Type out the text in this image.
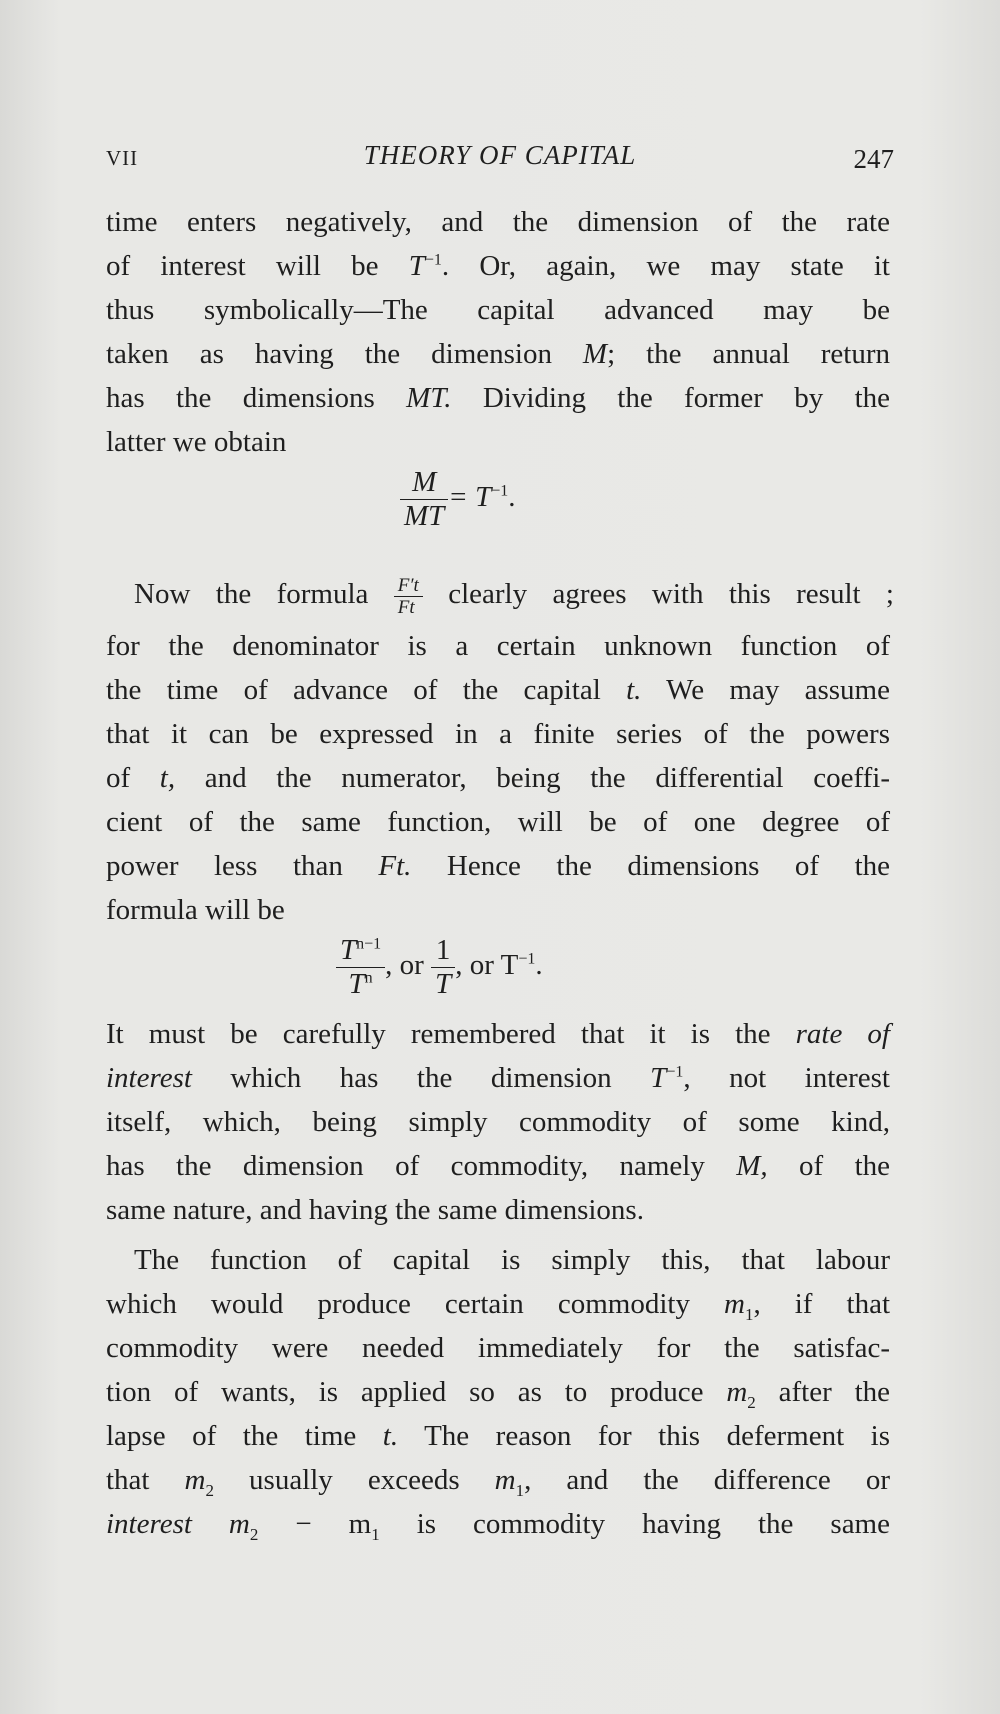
VII	THEORY OF CAPITAL	247
time enters negatively, and the dimension of the rate
of interest will be $T^{-1}$. Or, again, we may state it
thus symbolically—The capital advanced may be
taken as having the dimension M; the annual return
has the dimensions MT. Dividing the former by the
latter we obtain
$\frac{M}{MT} = T^{-1}$.
Now the formula $\frac{F't}{Ft}$ clearly agrees with this result ;
for the denominator is a certain unknown function of
the time of advance of the capital t. We may assume
that it can be expressed in a finite series of the powers
of t, and the numerator, being the differential coeffi-
cient of the same function, will be of one degree of
power less than Ft. Hence the dimensions of the
formula will be
$\frac{T^{n-1}}{T^n}$ , or $\frac{1}{T}$ , or $T^{-1}$.
It must be carefully remembered that it is the rate of
interest which has the dimension $T^{-1}$, not interest
itself, which, being simply commodity of some kind,
has the dimension of commodity, namely M, of the
same nature, and having the same dimensions.
The function of capital is simply this, that labour
which would produce certain commodity $m_1$, if that
commodity were needed immediately for the satisfac-
tion of wants, is applied so as to produce $m_2$ after the
lapse of the time t. The reason for this deferment is
that $m_2$ usually exceeds $m_1$, and the difference or
interest $m_2 - m_1$ is commodity having the same
